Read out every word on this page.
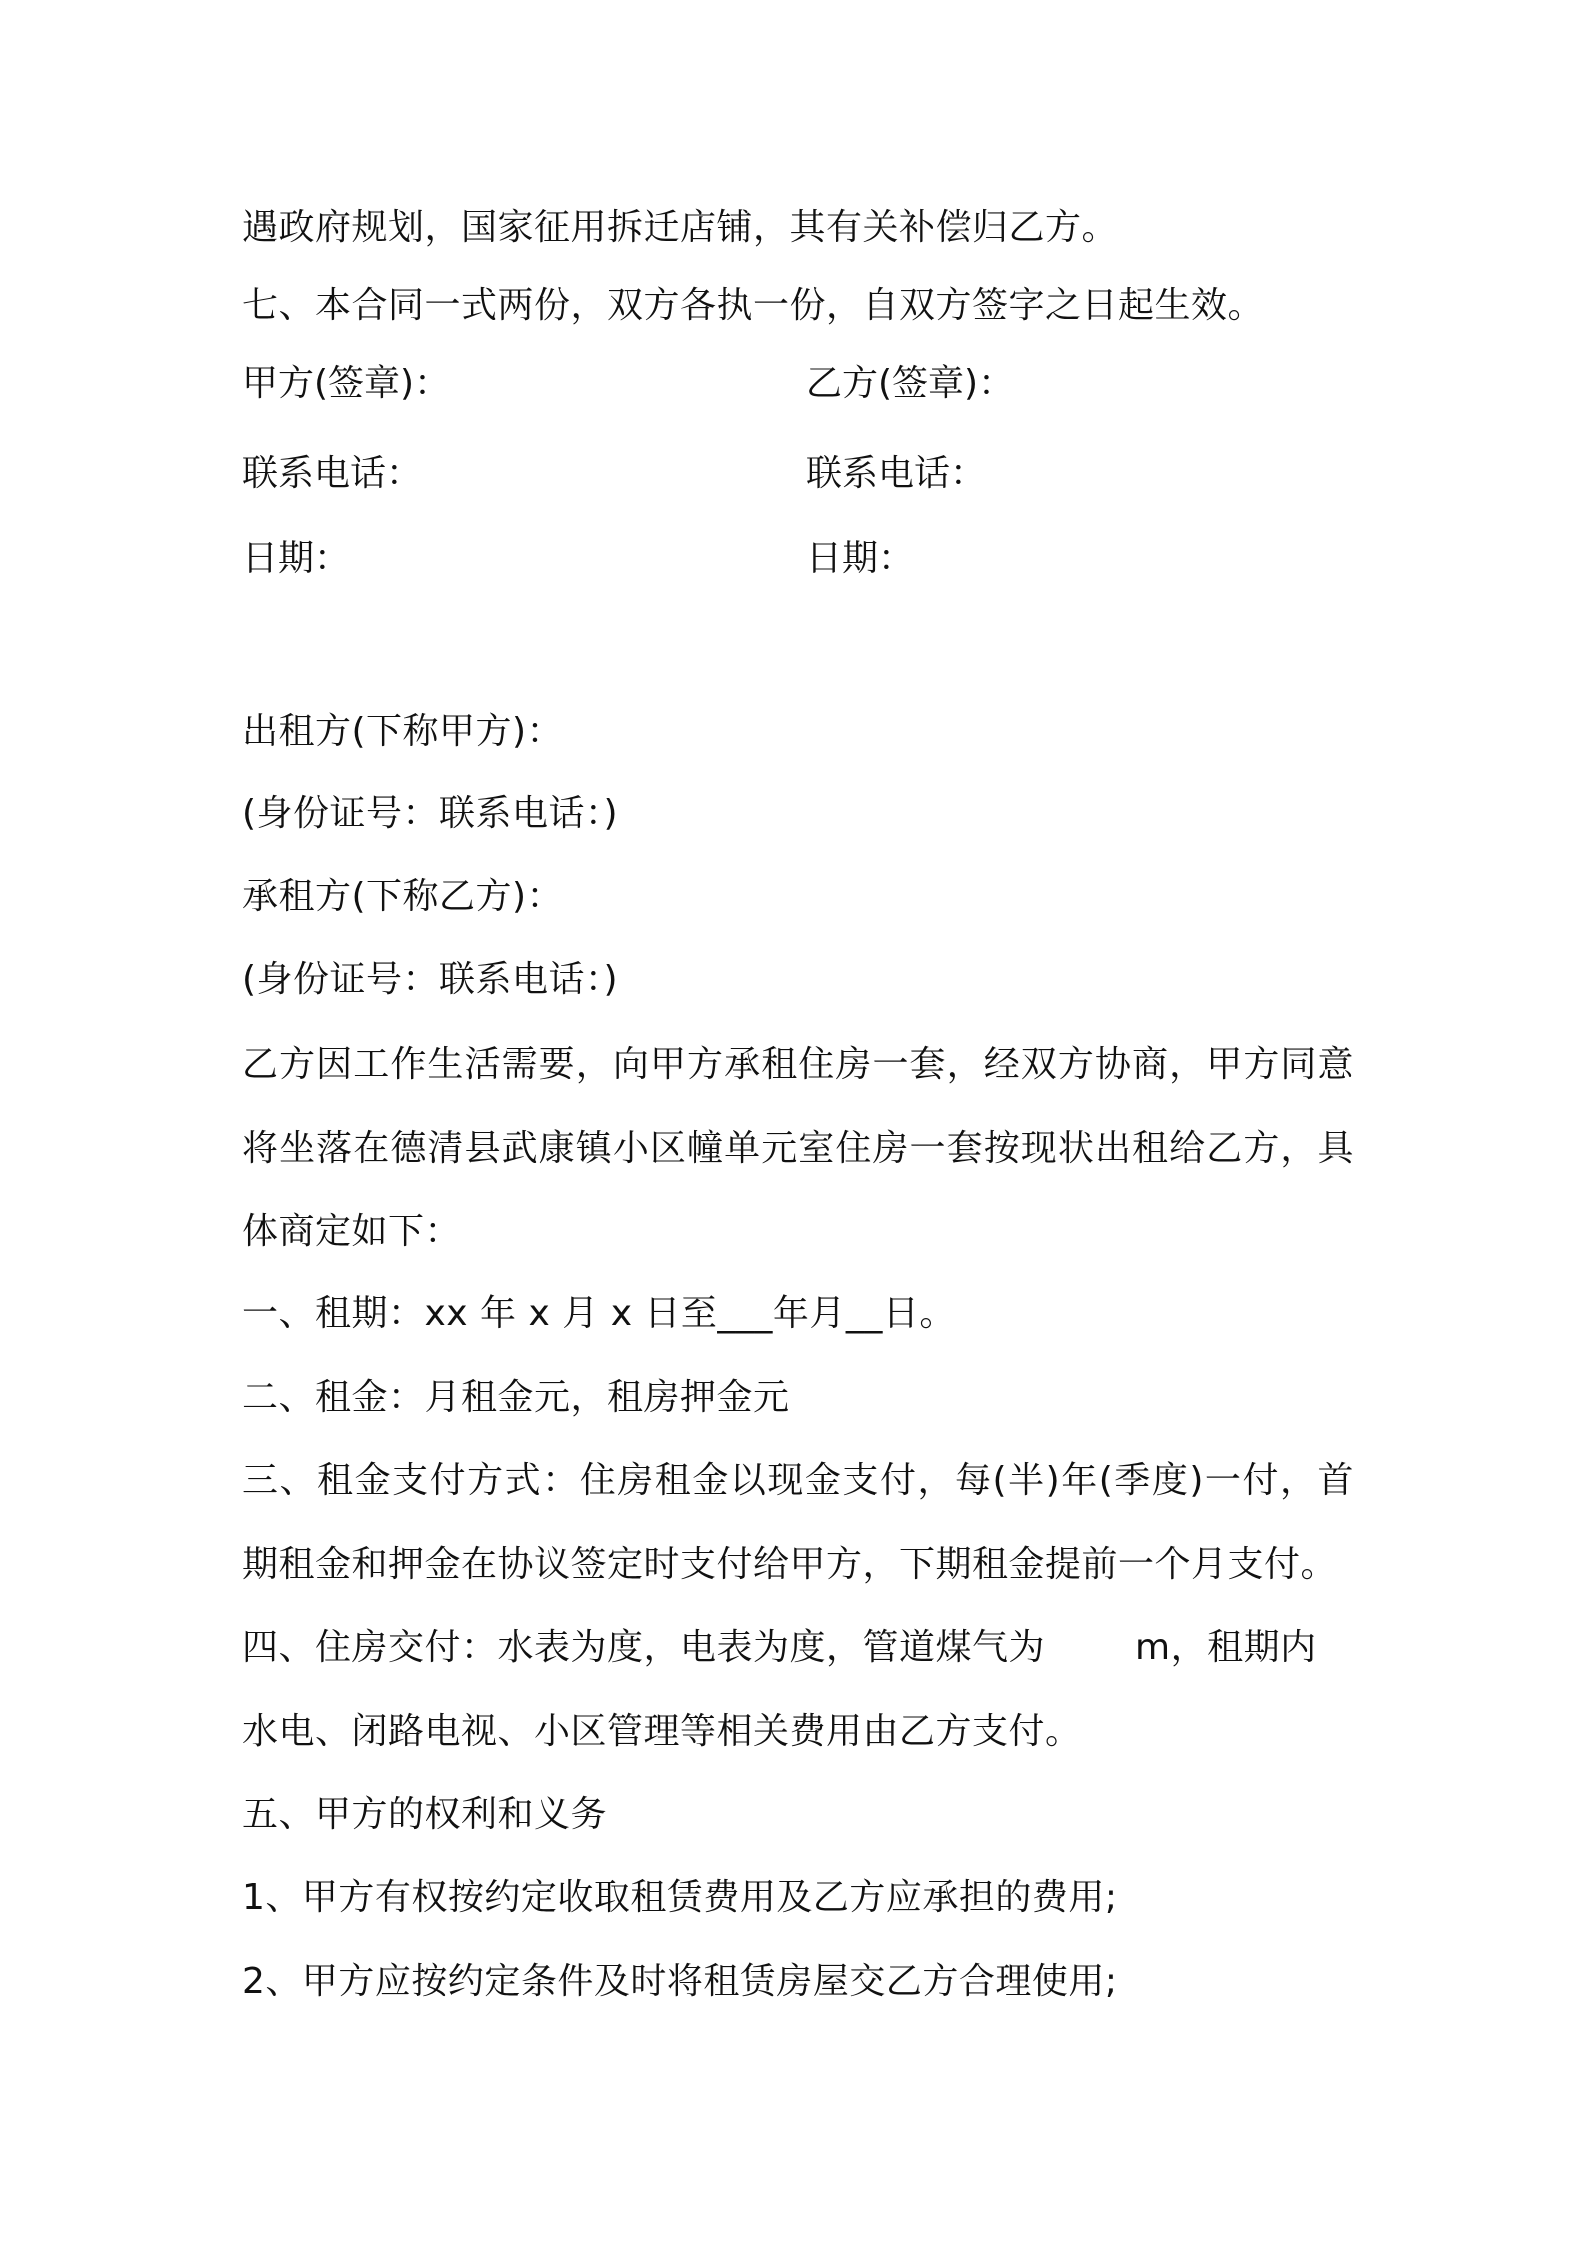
遇政府规划，国家征用拆迁店铺，其有关补偿归乙方。
七、本合同一式两份，双方各执一份，自双方签字之日起生效。
甲方(签章)：	乙方(签章)：
联系电话：	联系电话：
日期：	日期：
出租方(下称甲方)：
(身份证号：联系电话：)
承租方(下称乙方)：
(身份证号：联系电话：)
乙方因工作生活需要，向甲方承租住房一套，经双方协商，甲方同意
将坐落在德清县武康镇小区幢单元室住房一套按现状出租给乙方，具
体商定如下：
一、租期：xx 年 x 月 x 日至___年月__日。
二、租金：月租金元，租房押金元
三、租金支付方式：住房租金以现金支付，每(半)年(季度)一付，首
期租金和押金在协议签定时支付给甲方，下期租金提前一个月支付。
四、住房交付：水表为度，电表为度，管道煤气为	m，租期内
水电、闭路电视、小区管理等相关费用由乙方支付。
五、甲方的权利和义务
1、甲方有权按约定收取租赁费用及乙方应承担的费用;
2、甲方应按约定条件及时将租赁房屋交乙方合理使用;
